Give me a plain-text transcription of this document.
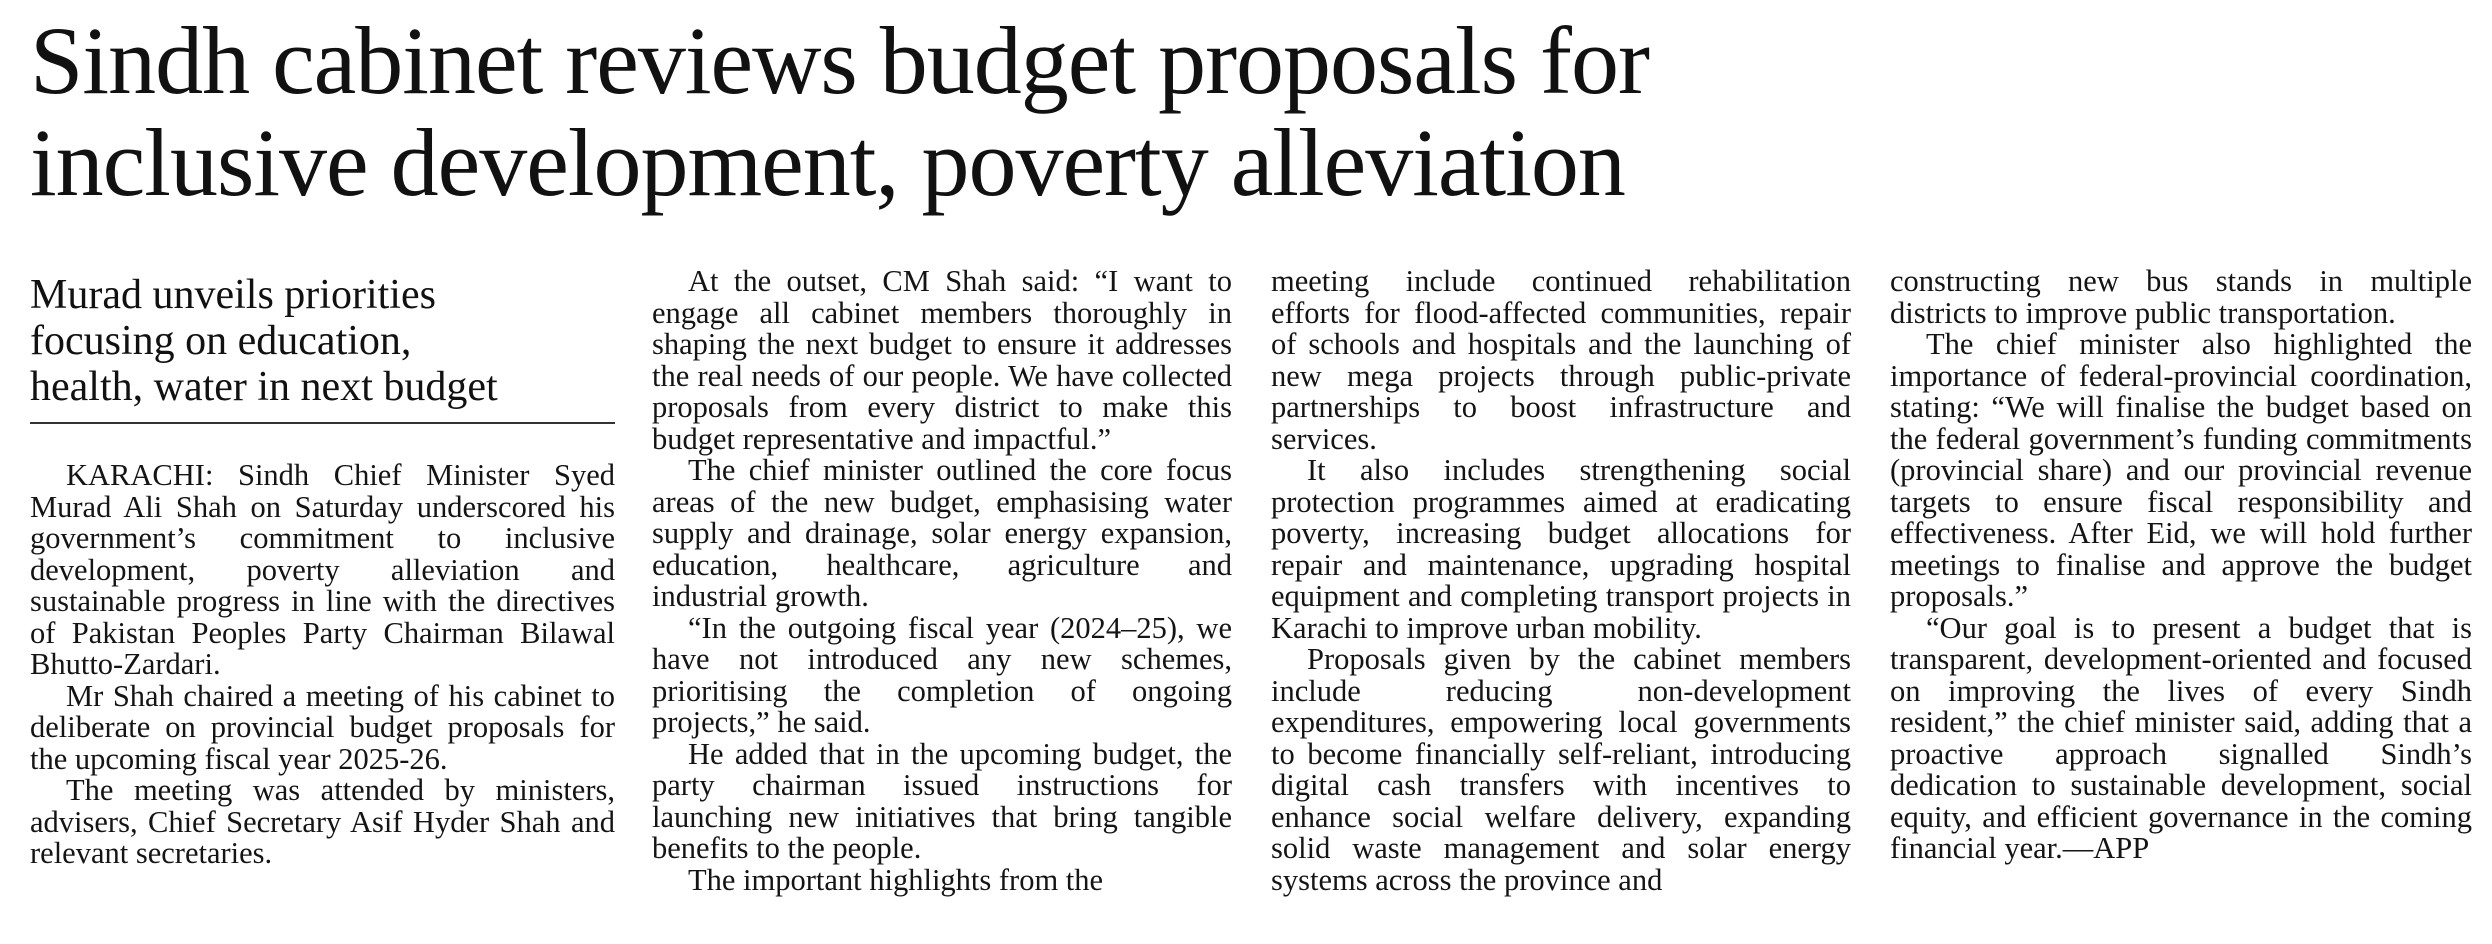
Sindh cabinet reviews budget proposals for
inclusive development, poverty alleviation
Murad unveils priorities
focusing on education,
health, water in next budget

KARACHI: Sindh Chief Minister Syed Murad Ali Shah on Saturday underscored his government’s commitment to inclusive development, poverty alleviation and sustainable progress in line with the directives of Pakistan Peoples Party Chairman Bilawal Bhutto-Zardari.

Mr Shah chaired a meeting of his cabinet to deliberate on provincial budget proposals for the upcoming fiscal year 2025-26.

The meeting was attended by ministers, advisers, Chief Secretary Asif Hyder Shah and relevant secretaries.

At the outset, CM Shah said: “I want to engage all cabinet members thoroughly in shaping the next budget to ensure it addresses the real needs of our people. We have collected proposals from every district to make this budget representative and impactful.”

The chief minister outlined the core focus areas of the new budget, emphasising water supply and drainage, solar energy expansion, education, healthcare, agriculture and industrial growth.

“In the outgoing fiscal year (2024–25), we have not introduced any new schemes, prioritising the completion of ongoing projects,” he said.

He added that in the upcoming budget, the party chairman issued instructions for launching new initiatives that bring tangible benefits to the people.

The important highlights from the

meeting include continued rehabilitation efforts for flood-affected communities, repair of schools and hospitals and the launching of new mega projects through public-private partnerships to boost infrastructure and services.

It also includes strengthening social protection programmes aimed at eradicating poverty, increasing budget allocations for repair and maintenance, upgrading hospital equipment and completing transport projects in Karachi to improve urban mobility.

Proposals given by the cabinet members include reducing non-development expenditures, empowering local governments to become financially self-reliant, introducing digital cash transfers with incentives to enhance social welfare delivery, expanding solid waste management and solar energy systems across the province and

constructing new bus stands in multiple districts to improve public transportation.

The chief minister also highlighted the importance of federal-provincial coordination, stating: “We will finalise the budget based on the federal government’s funding commitments (provincial share) and our provincial revenue targets to ensure fiscal responsibility and effectiveness. After Eid, we will hold further meetings to finalise and approve the budget proposals.”

“Our goal is to present a budget that is transparent, development-oriented and focused on improving the lives of every Sindh resident,” the chief minister said, adding that a proactive approach signalled Sindh’s dedication to sustainable development, social equity, and efficient governance in the coming financial year.—APP
